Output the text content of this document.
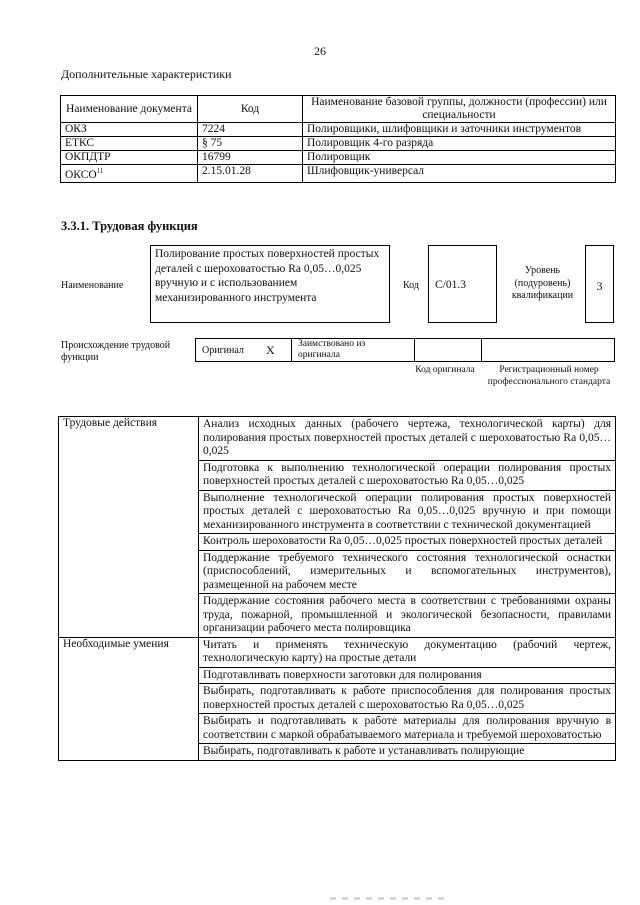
26
Дополнительные характеристики
Наименование документа	Код	Наименование базовой группы, должности (профессии) или специальности
ОКЗ	7224	Полировщики, шлифовщики и заточники инструментов
ЕТКС	§ 75	Полировщик 4-го разряда
ОКПДТР	16799	Полировщик
ОКСО$^{11}$	2.15.01.28	Шлифовщик-универсал
3.3.1. Трудовая функция
Наименование
Полирование простых поверхностей простых деталей с шероховатостью Ra 0,05…0,025 вручную и с использованием механизированного инструмента
Код	С/01.3
Уровень (подуровень) квалификации
3
Происхождение трудовой функции
Оригинал X Заимствовано из оригинала
Код оригинала	Регистрационный номер профессионального стандарта
Трудовые действия	Анализ исходных данных (рабочего чертежа, технологической карты) для полирования простых поверхностей простых деталей с шероховатостью Ra 0,05…0,025
	Подготовка к выполнению технологической операции полирования простых поверхностей простых деталей с шероховатостью Ra 0,05…0,025
	Выполнение технологической операции полирования простых поверхностей простых деталей с шероховатостью Ra 0,05…0,025 вручную и при помощи механизированного инструмента в соответствии с технической документацией
	Контроль шероховатости Ra 0,05…0,025 простых поверхностей простых деталей
	Поддержание требуемого технического состояния технологической оснастки (приспособлений, измерительных и вспомогательных инструментов), размещенной на рабочем месте
	Поддержание состояния рабочего места в соответствии с требованиями охраны труда, пожарной, промышленной и экологической безопасности, правилами организации рабочего места полировщика
Необходимые умения	Читать и применять техническую документацию (рабочий чертеж, технологическую карту) на простые детали
	Подготавливать поверхности заготовки для полирования
	Выбирать, подготавливать к работе приспособления для полирования простых поверхностей простых деталей с шероховатостью Ra 0,05…0,025
	Выбирать и подготавливать к работе материалы для полирования вручную в соответствии с маркой обрабатываемого материала и требуемой шероховатостью
	Выбирать, подготавливать к работе и устанавливать полирующие
